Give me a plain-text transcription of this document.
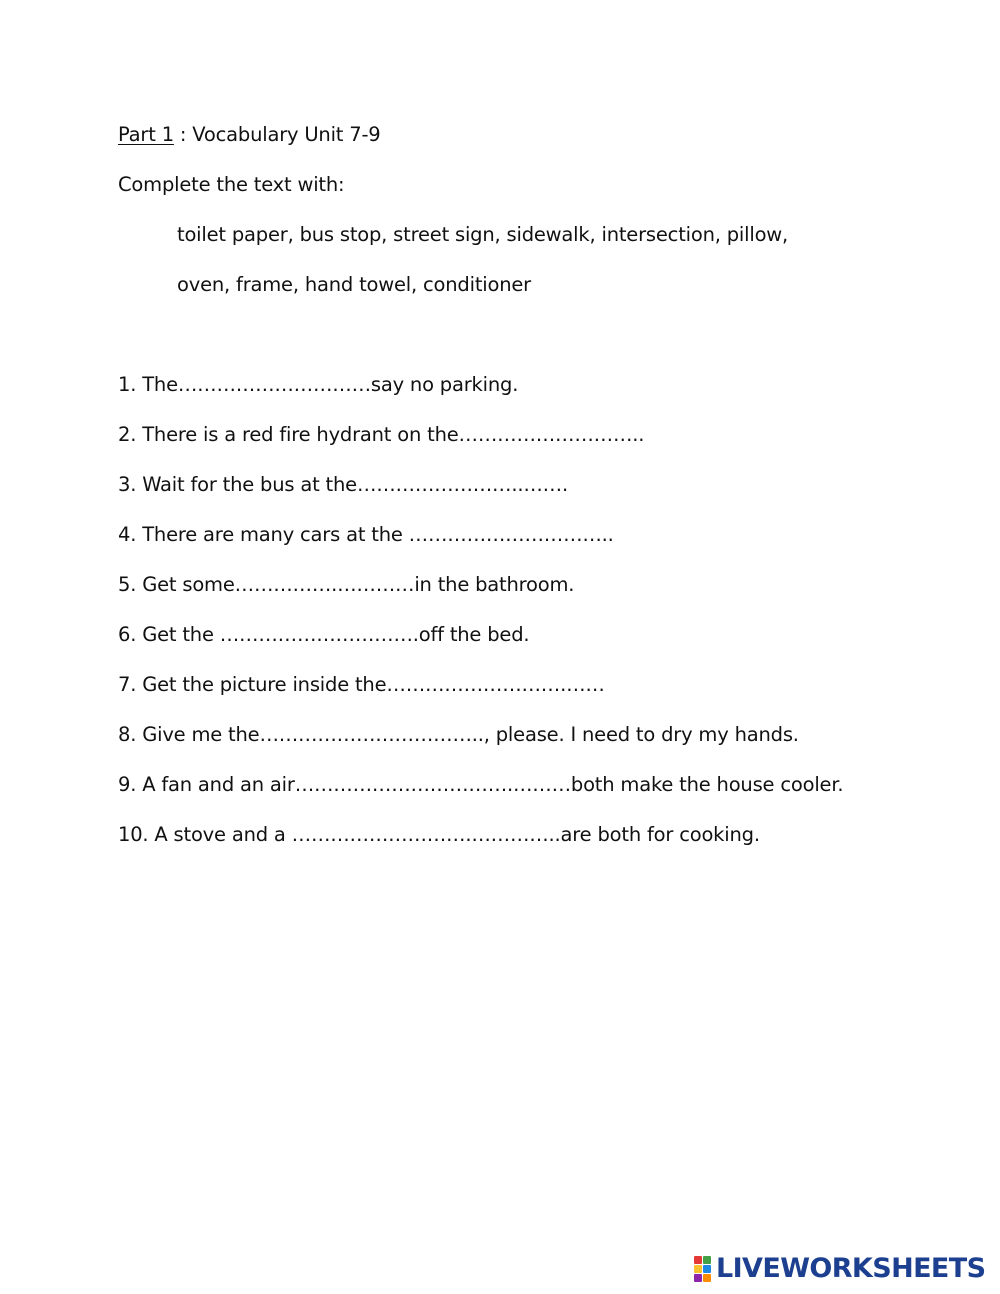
Part 1 : Vocabulary Unit 7-9
Complete the text with:
toilet paper, bus stop, street sign, sidewalk, intersection, pillow,
oven, frame, hand towel, conditioner
1. The…………………………say no parking.
2. There is a red fire hydrant on the………………………..
3. Wait for the bus at the……………………..…….
4. There are many cars at the …………………………..
5. Get some…………….…………in the bathroom.
6. Get the ………………………….off the bed.
7. Get the picture inside the……………………….……
8. Give me the…………………………….., please. I need to dry my hands.
9. A fan and an air…………………………….………both make the house cooler.
10. A stove and a ……………………….…………..are both for cooking.
LIVEWORKSHEETS
